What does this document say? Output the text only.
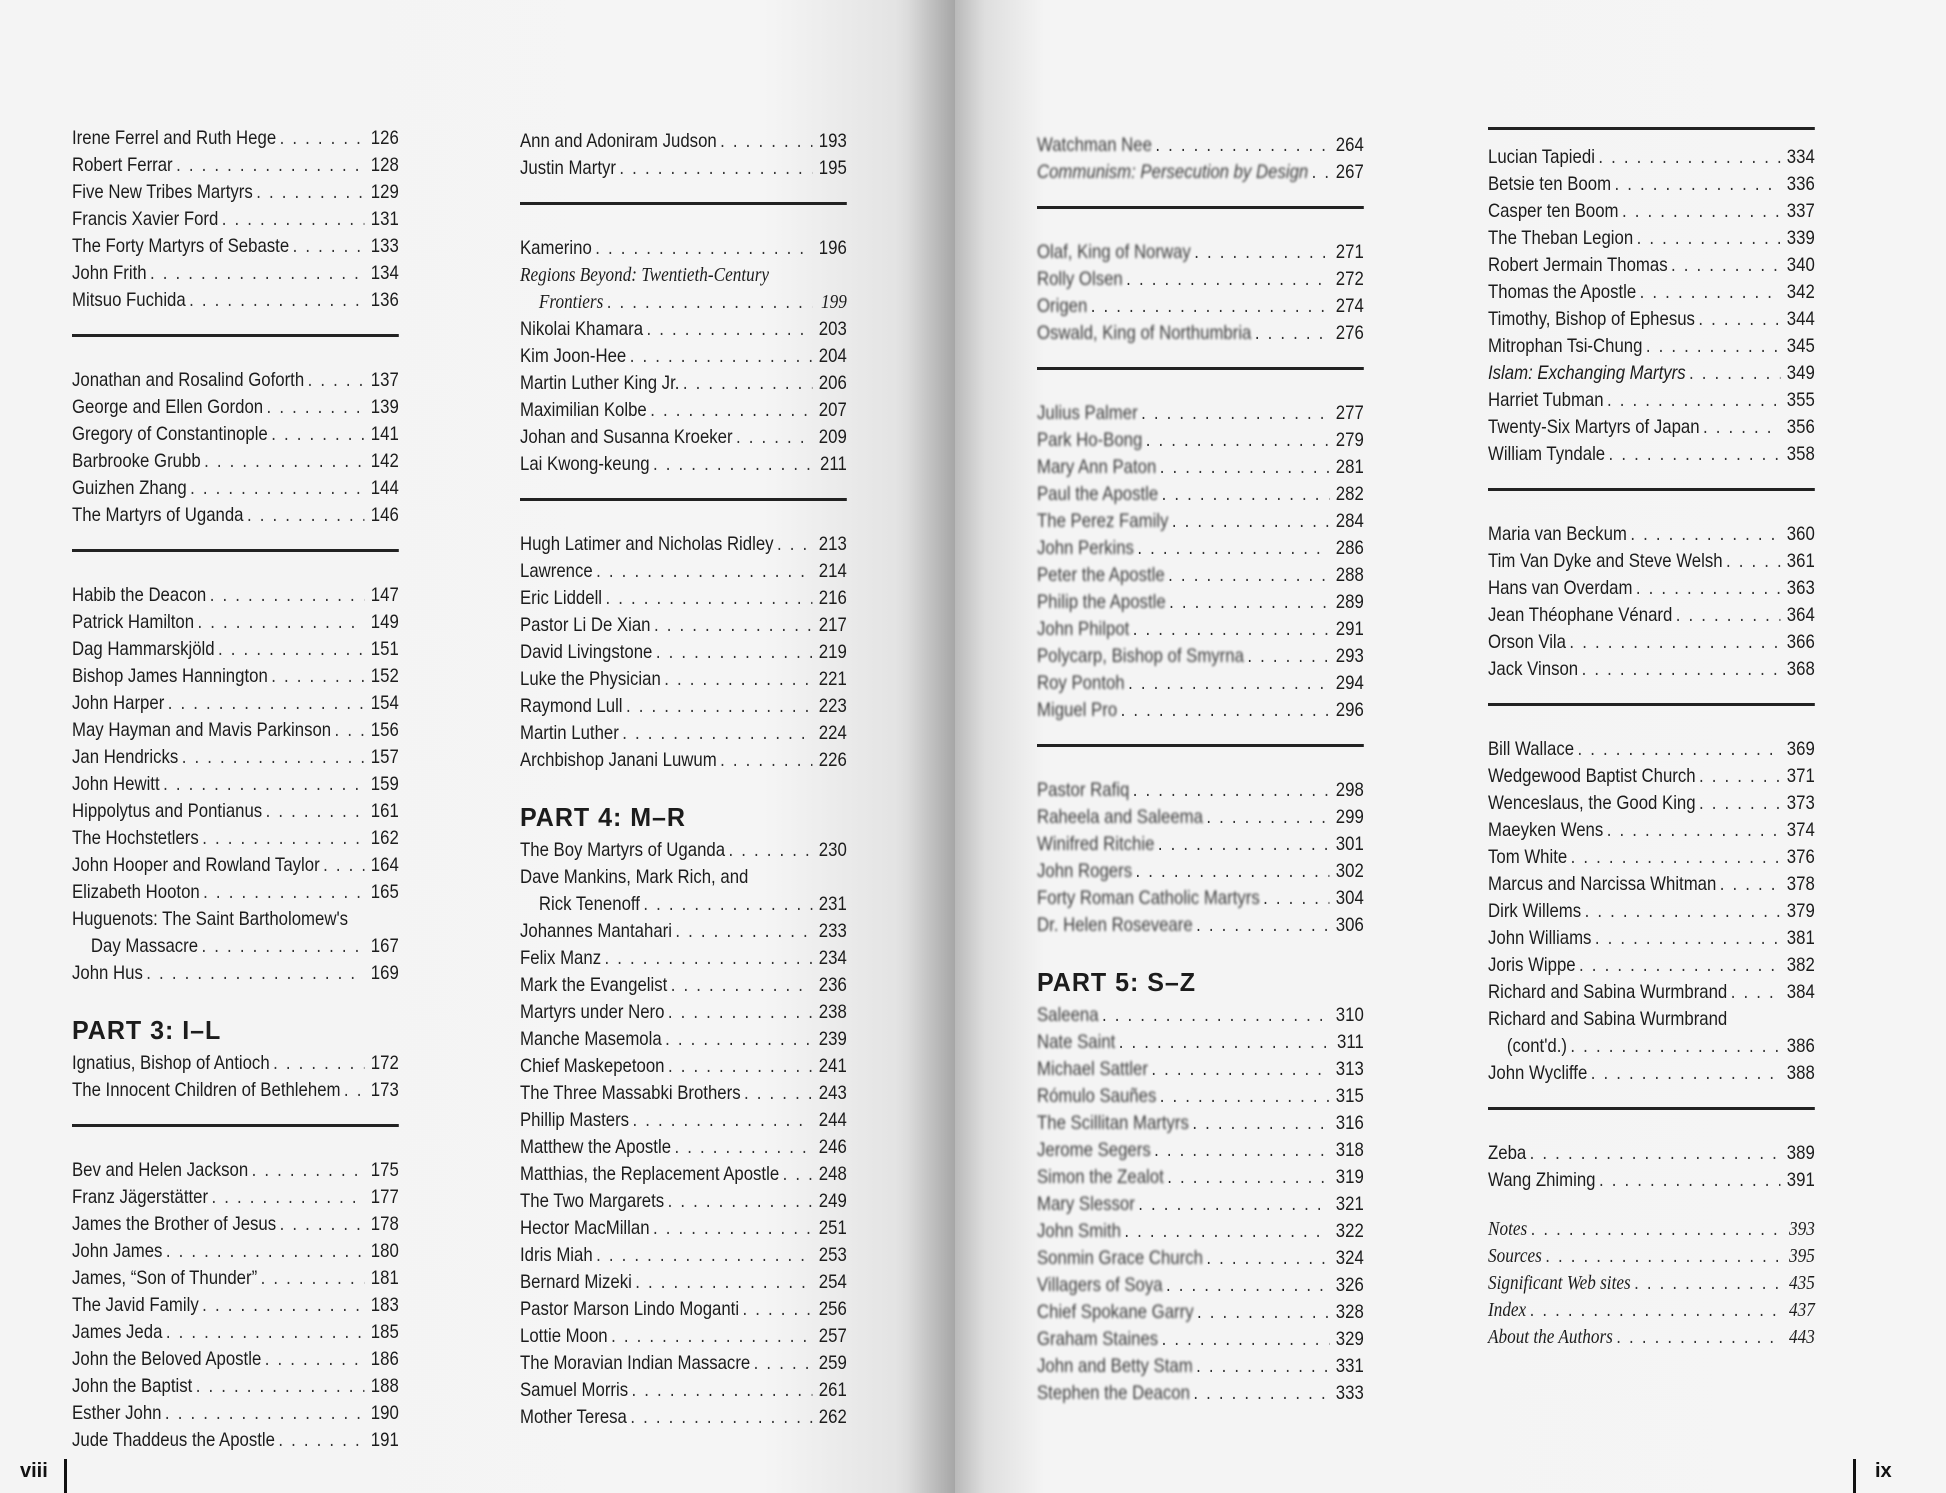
Irene Ferrel and Ruth Hege . . .	126
Robert Ferrar . . .	128
Five New Tribes Martyrs . . .	129
Francis Xavier Ford . . .	131
The Forty Martyrs of Sebaste . . .	133
John Frith . . .	134
Mitsuo Fuchida . . .	136
Jonathan and Rosalind Goforth . . .	137
George and Ellen Gordon . . .	139
Gregory of Constantinople . . .	141
Barbrooke Grubb . . .	142
Guizhen Zhang . . .	144
The Martyrs of Uganda . . .	146
Habib the Deacon . . .	147
Patrick Hamilton . . .	149
Dag Hammarskjöld . . .	151
Bishop James Hannington . . .	152
John Harper . . .	154
May Hayman and Mavis Parkinson . . . 156
Jan Hendricks . . .	157
John Hewitt . . .	159
Hippolytus and Pontianus . . .	161
The Hochstetlers . . .	162
John Hooper and Rowland Taylor . . .	164
Elizabeth Hooton . . .	165
Huguenots: The Saint Bartholomew's
Day Massacre . . .	167
John Hus . . .	169
PART 3: I–L
Ignatius, Bishop of Antioch . . .	172
The Innocent Children of Bethlehem . . . 173
Bev and Helen Jackson . . .	175
Franz Jägerstätter . . .	177
James the Brother of Jesus . . .	178
John James . . .	180
James, “Son of Thunder” . . .	181
The Javid Family . . .	183
James Jeda . . .	185
John the Beloved Apostle . . .	186
John the Baptist . . .	188
Esther John . . .	190
Jude Thaddeus the Apostle . . .	191
Ann and Adoniram Judson . . .	193
Justin Martyr . . .	195
Kamerino . . .	196
Regions Beyond: Twentieth-Century
Frontiers . . .	199
Nikolai Khamara . . .	203
Kim Joon-Hee . . .	204
Martin Luther King Jr. . . .	206
Maximilian Kolbe . . .	207
Johan and Susanna Kroeker . . .	209
Lai Kwong-keung . . .	211
Hugh Latimer and Nicholas Ridley . . . 213
Lawrence . . .	214
Eric Liddell . . .	216
Pastor Li De Xian . . .	217
David Livingstone . . .	219
Luke the Physician . . .	221
Raymond Lull . . .	223
Martin Luther . . .	224
Archbishop Janani Luwum . . .	226
PART 4: M–R
The Boy Martyrs of Uganda . . .	230
Dave Mankins, Mark Rich, and
Rick Tenenoff . . .	231
Johannes Mantahari . . .	233
Felix Manz . . .	234
Mark the Evangelist . . .	236
Martyrs under Nero . . .	238
Manche Masemola . . .	239
Chief Maskepetoon . . .	241
The Three Massabki Brothers . . .	243
Phillip Masters . . .	244
Matthew the Apostle . . .	246
Matthias, the Replacement Apostle . . . 248
The Two Margarets . . .	249
Hector MacMillan . . .	251
Idris Miah . . .	253
Bernard Mizeki . . .	254
Pastor Marson Lindo Moganti . . .	256
Lottie Moon . . .	257
The Moravian Indian Massacre . . .	259
Samuel Morris . . .	261
Mother Teresa . . .	262
viii
Watchman Nee . . .	264
Communism: Persecution by Design . . . 267
Olaf, King of Norway . . .	271
Rolly Olsen . . .	272
Origen . . .	274
Oswald, King of Northumbria . . .	276
Julius Palmer . . .	277
Park Ho-Bong . . .	279
Mary Ann Paton . . .	281
Paul the Apostle . . .	282
The Perez Family . . .	284
John Perkins . . .	286
Peter the Apostle . . .	288
Philip the Apostle . . .	289
John Philpot . . .	291
Polycarp, Bishop of Smyrna . . .	293
Roy Pontoh . . .	294
Miguel Pro . . .	296
Pastor Rafiq . . .	298
Raheela and Saleema . . .	299
Winifred Ritchie . . .	301
John Rogers . . .	302
Forty Roman Catholic Martyrs . . .	304
Dr. Helen Roseveare . . .	306
PART 5: S–Z
Saleena . . .	310
Nate Saint . . .	311
Michael Sattler . . .	313
Rómulo Sauñes . . .	315
The Scillitan Martyrs . . .	316
Jerome Segers . . .	318
Simon the Zealot . . .	319
Mary Slessor . . .	321
John Smith . . .	322
Sonmin Grace Church . . .	324
Villagers of Soya . . .	326
Chief Spokane Garry . . .	328
Graham Staines . . .	329
John and Betty Stam . . .	331
Stephen the Deacon . . .	333
Lucian Tapiedi . . .	334
Betsie ten Boom . . .	336
Casper ten Boom . . .	337
The Theban Legion . . .	339
Robert Jermain Thomas . . .	340
Thomas the Apostle . . .	342
Timothy, Bishop of Ephesus . . .	344
Mitrophan Tsi-Chung . . .	345
Islam: Exchanging Martyrs . . .	349
Harriet Tubman . . .	355
Twenty-Six Martyrs of Japan . . .	356
William Tyndale . . .	358
Maria van Beckum . . .	360
Tim Van Dyke and Steve Welsh . . .	361
Hans van Overdam . . .	363
Jean Théophane Vénard . . .	364
Orson Vila . . .	366
Jack Vinson . . .	368
Bill Wallace . . .	369
Wedgewood Baptist Church . . .	371
Wenceslaus, the Good King . . .	373
Maeyken Wens . . .	374
Tom White . . .	376
Marcus and Narcissa Whitman . . .	378
Dirk Willems . . .	379
John Williams . . .	381
Joris Wippe . . .	382
Richard and Sabina Wurmbrand . . .	384
Richard and Sabina Wurmbrand
(cont'd.) . . .	386
John Wycliffe . . .	388
Zeba . . .	389
Wang Zhiming . . .	391
Notes . . .	393
Sources . . .	395
Significant Web sites . . .	435
Index . . .	437
About the Authors . . .	443
ix
